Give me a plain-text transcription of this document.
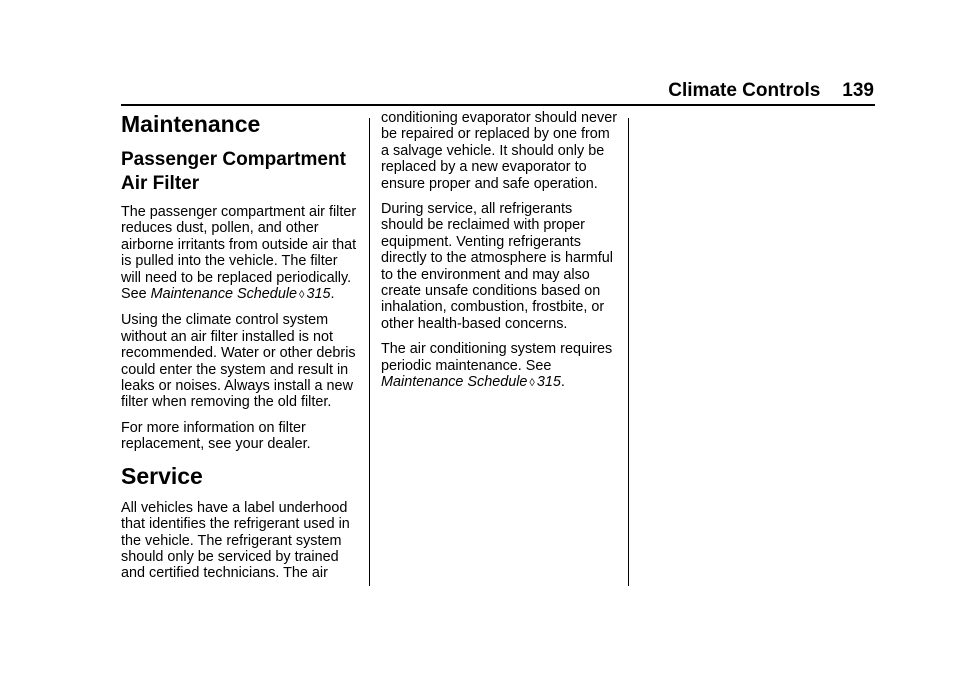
Climate Controls 139
Maintenance
Passenger Compartment Air Filter

The passenger compartment air filter reduces dust, pollen, and other airborne irritants from outside air that is pulled into the vehicle. The filter will need to be replaced periodically. See Maintenance Schedule ◊ 315.

Using the climate control system without an air filter installed is not recommended. Water or other debris could enter the system and result in leaks or noises. Always install a new filter when removing the old filter.

For more information on filter replacement, see your dealer.

Service

All vehicles have a label underhood that identifies the refrigerant used in the vehicle. The refrigerant system should only be serviced by trained and certified technicians. The air

conditioning evaporator should never be repaired or replaced by one from a salvage vehicle. It should only be replaced by a new evaporator to ensure proper and safe operation.

During service, all refrigerants should be reclaimed with proper equipment. Venting refrigerants directly to the atmosphere is harmful to the environment and may also create unsafe conditions based on inhalation, combustion, frostbite, or other health-based concerns.

The air conditioning system requires periodic maintenance. See Maintenance Schedule ◊ 315.
